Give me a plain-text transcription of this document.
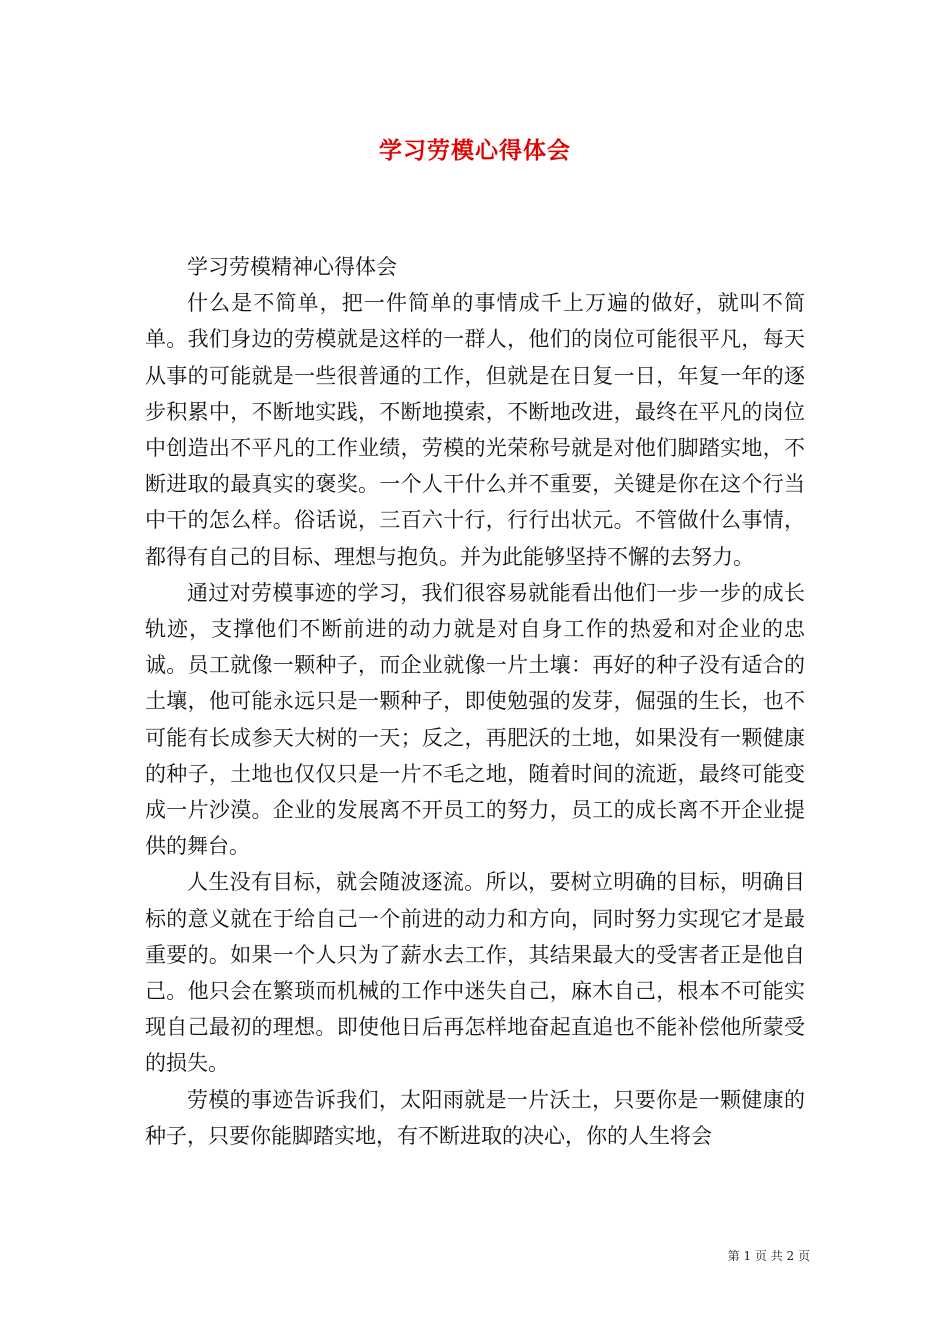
学习劳模心得体会

学习劳模精神心得体会

什么是不简单，把一件简单的事情成千上万遍的做好，就叫不简单。我们身边的劳模就是这样的一群人，他们的岗位可能很平凡，每天从事的可能就是一些很普通的工作，但就是在日复一日，年复一年的逐步积累中，不断地实践，不断地摸索，不断地改进，最终在平凡的岗位中创造出不平凡的工作业绩，劳模的光荣称号就是对他们脚踏实地，不断进取的最真实的褒奖。一个人干什么并不重要，关键是你在这个行当中干的怎么样。俗话说，三百六十行，行行出状元。不管做什么事情，都得有自己的目标、理想与抱负。并为此能够坚持不懈的去努力。

通过对劳模事迹的学习，我们很容易就能看出他们一步一步的成长轨迹，支撑他们不断前进的动力就是对自身工作的热爱和对企业的忠诚。员工就像一颗种子，而企业就像一片土壤：再好的种子没有适合的土壤，他可能永远只是一颗种子，即使勉强的发芽，倔强的生长，也不可能有长成参天大树的一天；反之，再肥沃的土地，如果没有一颗健康的种子，土地也仅仅只是一片不毛之地，随着时间的流逝，最终可能变成一片沙漠。企业的发展离不开员工的努力，员工的成长离不开企业提供的舞台。

人生没有目标，就会随波逐流。所以，要树立明确的目标，明确目标的意义就在于给自己一个前进的动力和方向，同时努力实现它才是最重要的。如果一个人只为了薪水去工作，其结果最大的受害者正是他自己。他只会在繁琐而机械的工作中迷失自己，麻木自己，根本不可能实现自己最初的理想。即使他日后再怎样地奋起直追也不能补偿他所蒙受的损失。

劳模的事迹告诉我们，太阳雨就是一片沃土，只要你是一颗健康的种子，只要你能脚踏实地，有不断进取的决心，你的人生将会

第 1 页 共 2 页
